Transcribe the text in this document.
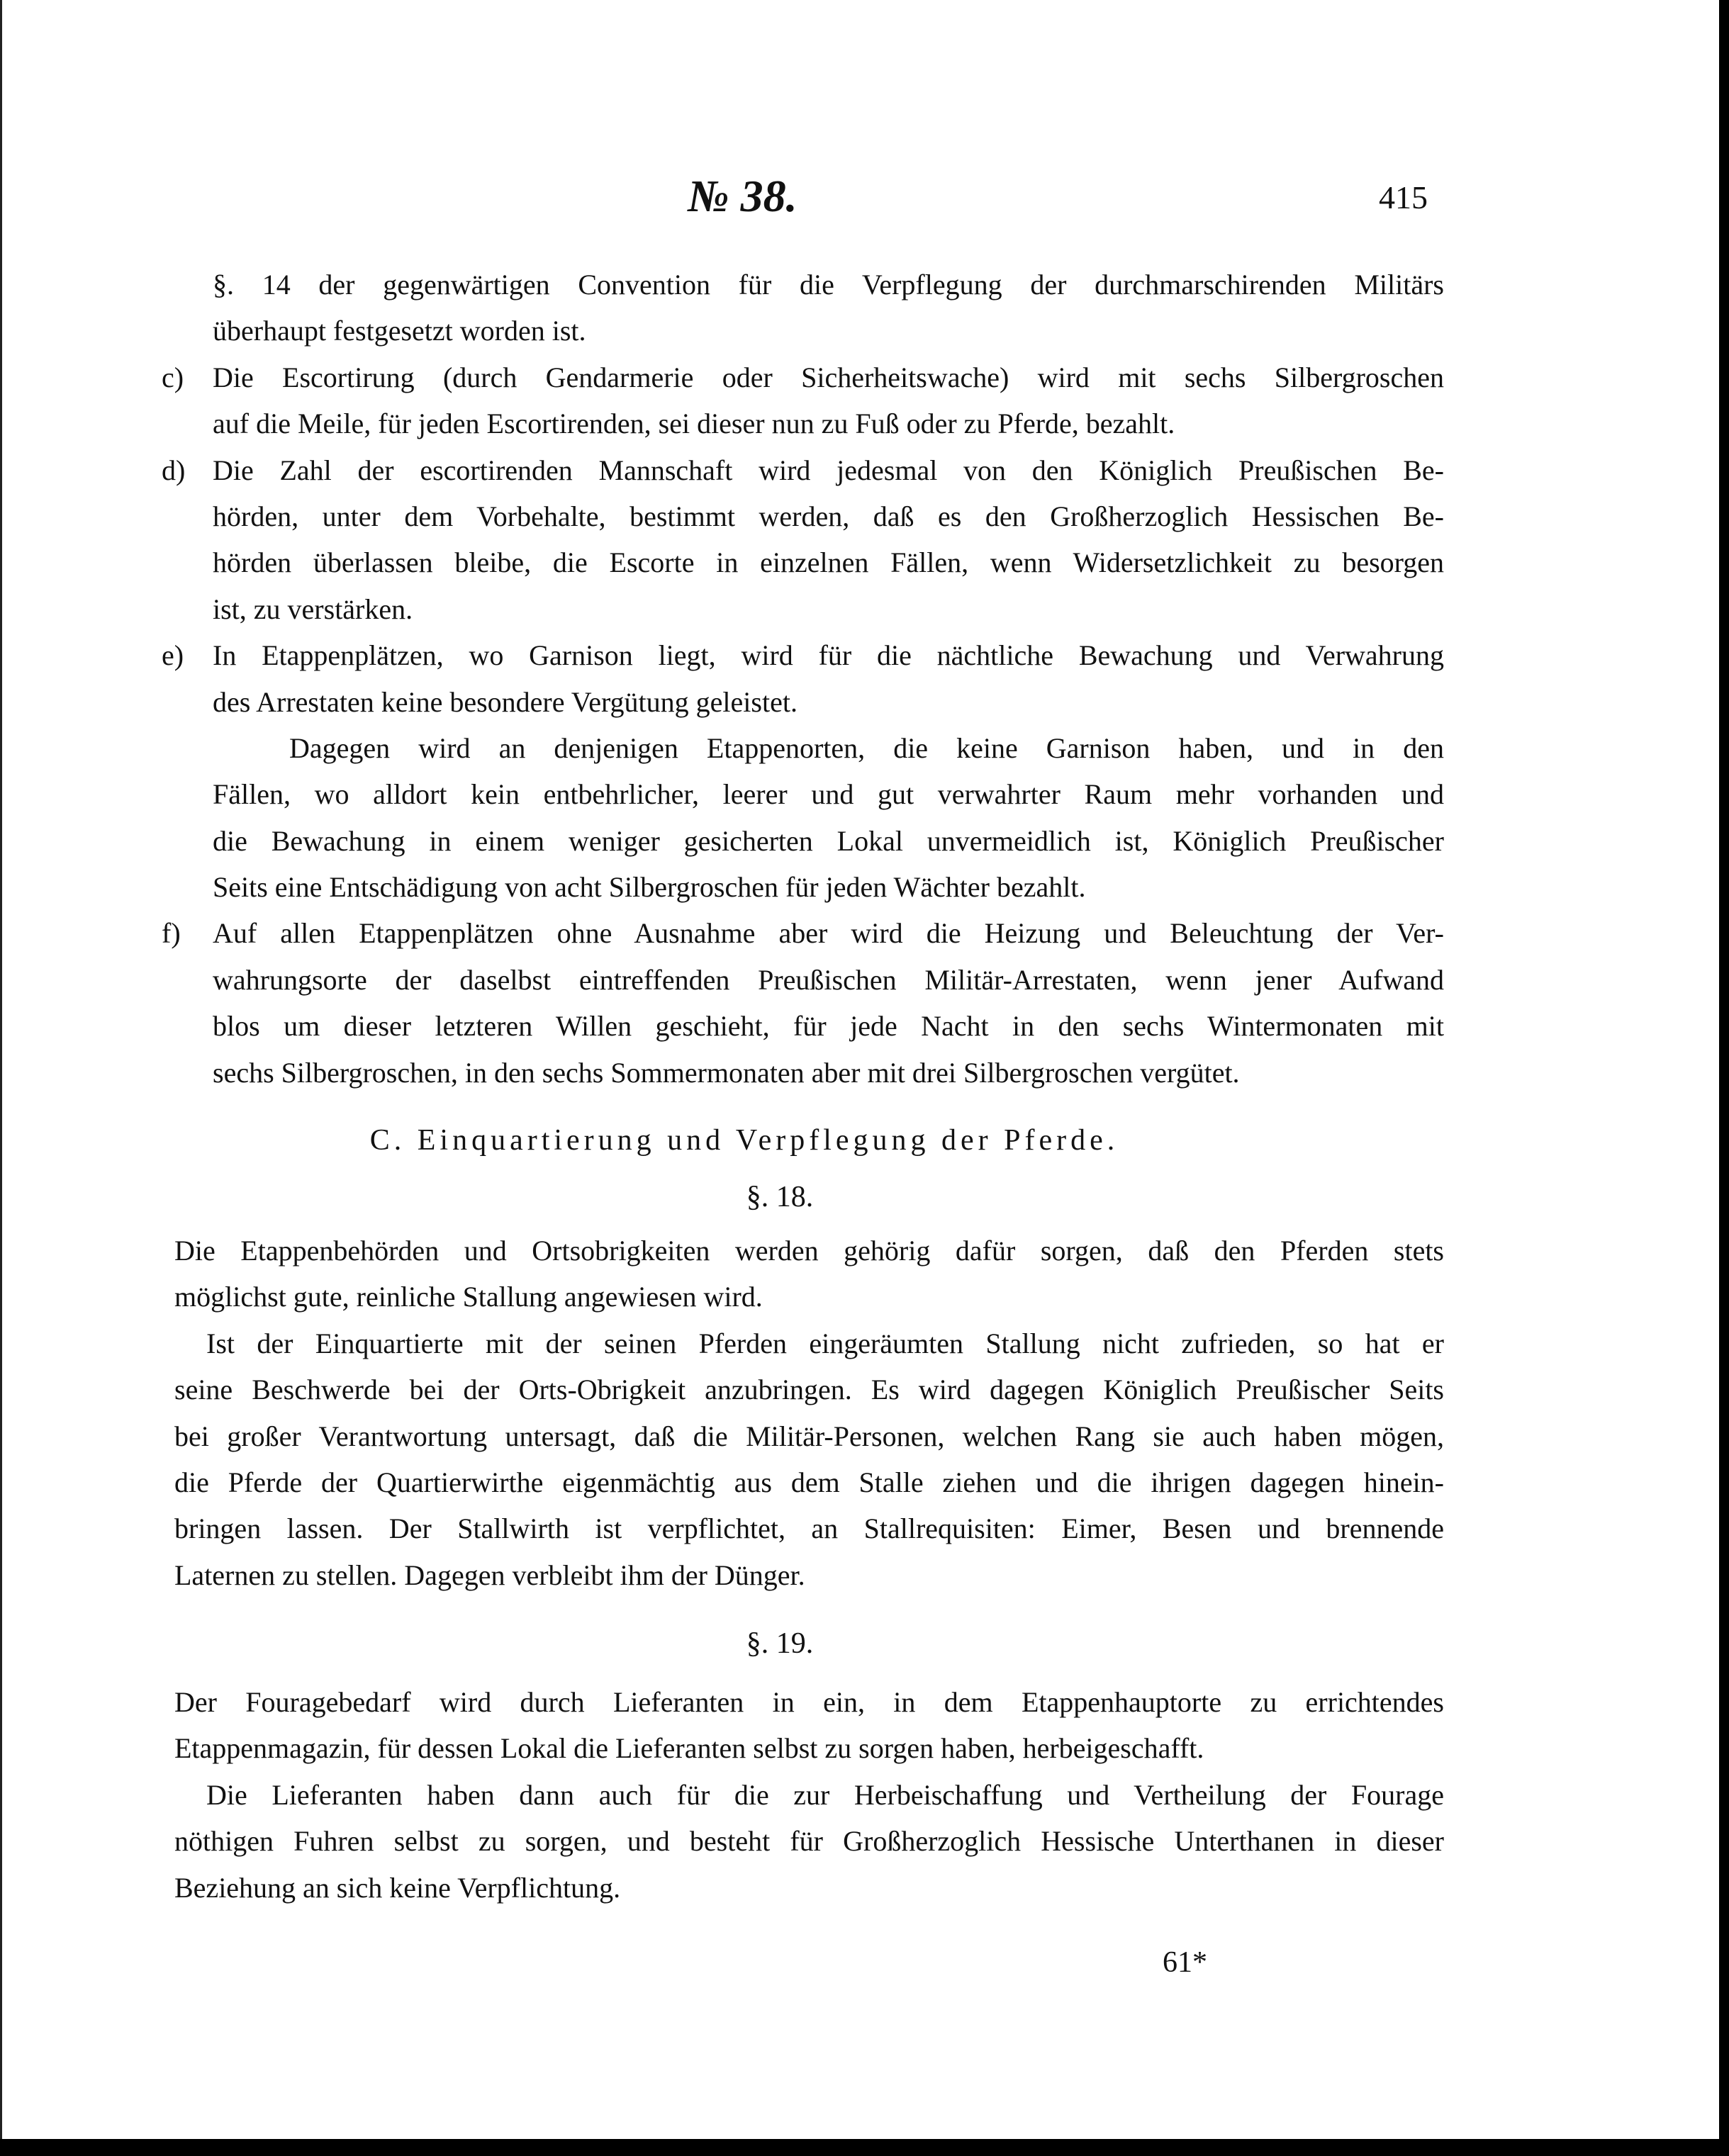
№ 38.	415
§. 14 der gegenwärtigen Convention für die Verpflegung der durchmarschirenden Militärs
überhaupt festgesetzt worden ist.
c) Die Escortirung (durch Gendarmerie oder Sicherheitswache) wird mit sechs Silbergroschen
auf die Meile, für jeden Escortirenden, sei dieser nun zu Fuß oder zu Pferde, bezahlt.
d) Die Zahl der escortirenden Mannschaft wird jedesmal von den Königlich Preußischen Be-
hörden, unter dem Vorbehalte, bestimmt werden, daß es den Großherzoglich Hessischen Be-
hörden überlassen bleibe, die Escorte in einzelnen Fällen, wenn Widersetzlichkeit zu besorgen
ist, zu verstärken.
e) In Etappenplätzen, wo Garnison liegt, wird für die nächtliche Bewachung und Verwahrung
des Arrestaten keine besondere Vergütung geleistet.
Dagegen wird an denjenigen Etappenorten, die keine Garnison haben, und in den
Fällen, wo alldort kein entbehrlicher, leerer und gut verwahrter Raum mehr vorhanden und
die Bewachung in einem weniger gesicherten Lokal unvermeidlich ist, Königlich Preußischer
Seits eine Entschädigung von acht Silbergroschen für jeden Wächter bezahlt.
f) Auf allen Etappenplätzen ohne Ausnahme aber wird die Heizung und Beleuchtung der Ver-
wahrungsorte der daselbst eintreffenden Preußischen Militär-Arrestaten, wenn jener Aufwand
blos um dieser letzteren Willen geschieht, für jede Nacht in den sechs Wintermonaten mit
sechs Silbergroschen, in den sechs Sommermonaten aber mit drei Silbergroschen vergütet.
C. Einquartierung und Verpflegung der Pferde.
§. 18.
Die Etappenbehörden und Ortsobrigkeiten werden gehörig dafür sorgen, daß den Pferden stets
möglichst gute, reinliche Stallung angewiesen wird.
Ist der Einquartierte mit der seinen Pferden eingeräumten Stallung nicht zufrieden, so hat er
seine Beschwerde bei der Orts-Obrigkeit anzubringen. Es wird dagegen Königlich Preußischer Seits
bei großer Verantwortung untersagt, daß die Militär-Personen, welchen Rang sie auch haben mögen,
die Pferde der Quartierwirthe eigenmächtig aus dem Stalle ziehen und die ihrigen dagegen hinein-
bringen lassen. Der Stallwirth ist verpflichtet, an Stallrequisiten: Eimer, Besen und brennende
Laternen zu stellen. Dagegen verbleibt ihm der Dünger.
§. 19.
Der Fouragebedarf wird durch Lieferanten in ein, in dem Etappenhauptorte zu errichtendes
Etappenmagazin, für dessen Lokal die Lieferanten selbst zu sorgen haben, herbeigeschafft.
Die Lieferanten haben dann auch für die zur Herbeischaffung und Vertheilung der Fourage
nöthigen Fuhren selbst zu sorgen, und besteht für Großherzoglich Hessische Unterthanen in dieser
Beziehung an sich keine Verpflichtung.
61*
